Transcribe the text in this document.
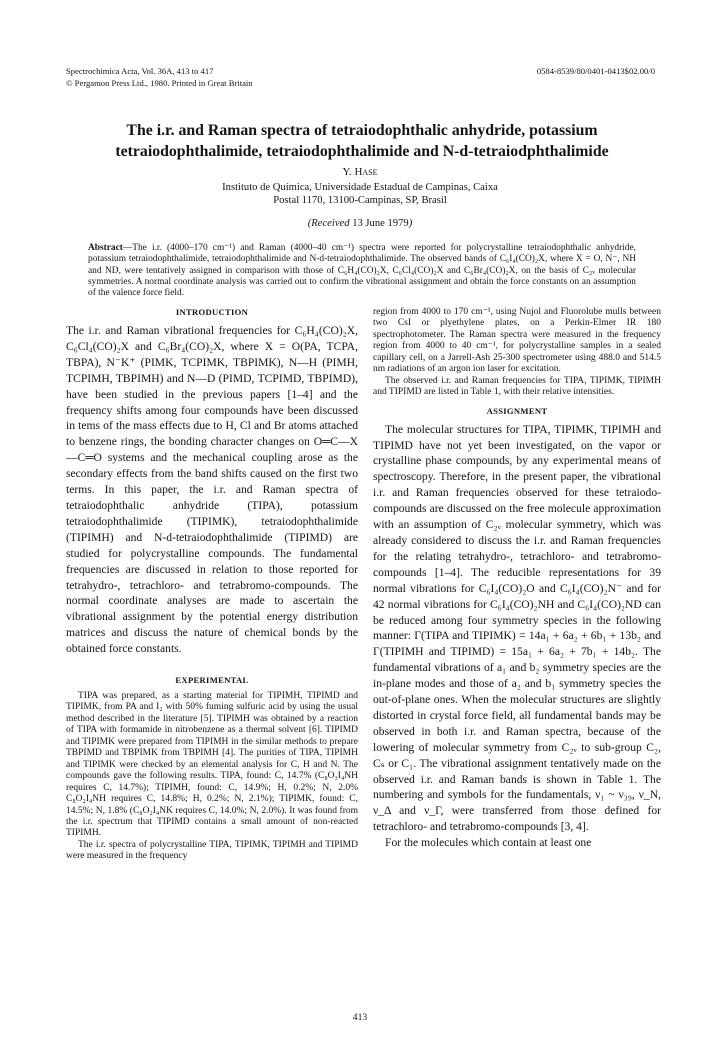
Spectrochimica Acta, Vol. 36A, 413 to 417
© Pergamon Press Ltd., 1980. Printed in Great Britain
0584-8539/80/0401-0413$02.00/0
The i.r. and Raman spectra of tetraiodophthalic anhydride, potassium tetraiodophthalimide, tetraiodophthalimide and N-d-tetraiodphthalimide
Y. Hase
Instituto de Química, Universidade Estadual de Campinas, Caixa
Postal 1170, 13100-Campinas, SP, Brasil
(Received 13 June 1979)
Abstract—The i.r. (4000–170 cm⁻¹) and Raman (4000–40 cm⁻¹) spectra were reported for polycrystalline tetraiodophthalic anhydride, potassium tetraiodophthalimide, tetraiodophthalimide and N-d-tetraiodophthalimide. The observed bands of C₆I₄(CO)₂X, where X = O, N⁻, NH and ND, were tentatively assigned in comparison with those of C₆H₄(CO)₂X, C₆Cl₄(CO)₂X and C₆Br₄(CO)₂X, on the basis of C₂ᵥ molecular symmetries. A normal coordinate analysis was carried out to confirm the vibrational assignment and obtain the force constants on an assumption of the valence force field.
INTRODUCTION

The i.r. and Raman vibrational frequencies for C₆H₄(CO)₂X, C₆Cl₄(CO)₂X and C₆Br₄(CO)₂X, where X = O(PA, TCPA, TBPA), N⁻K⁺ (PIMK, TCPIMK, TBPIMK), N—H (PIMH, TCPIMH, TBPIMH) and N—D (PIMD, TCPIMD, TBPIMD), have been studied in the previous papers [1–4] and the frequency shifts among four compounds have been discussed in tems of the mass effects due to H, Cl and Br atoms attached to benzene rings, the bonding character changes on O═C—X—C═O systems and the mechanical coupling arose as the secondary effects from the band shifts caused on the first two terms. In this paper, the i.r. and Raman spectra of tetraiodophthalic anhydride (TIPA), potassium tetraiodophthalimide (TIPIMK), tetraiodophthalimide (TIPIMH) and N-d-tetraiodophthalimide (TIPIMD) are studied for polycrystalline compounds. The fundamental frequencies are discussed in relation to those reported for tetrahydro-, tetrachloro- and tetrabromo-compounds. The normal coordinate analyses are made to ascertain the vibrational assignment by the potential energy distribution matrices and discuss the nature of chemical bonds by the obtained force constants.

EXPERIMENTAL

TIPA was prepared, as a starting material for TIPIMH, TIPIMD and TIPIMK, from PA and I₂ with 50% fuming sulfuric acid by using the usual method described in the literature [5]. TIPIMH was obtained by a reaction of TIPA with formamide in nitrobenzene as a thermal solvent [6]. TIPIMD and TIPIMK were prepared from TIPIMH in the similar methods to prepare TBPIMD and TBPIMK from TBPIMH [4]. The purities of TIPA, TIPIMH and TIPIMK were checked by an elemental analysis for C, H and N. The compounds gave the following results. TIPA, found: C, 14.7% (C₈O₃I₄NH requires C, 14.7%); TIPIMH, found: C, 14.9%; H, 0.2%; N, 2.0% C₈O₂I₄NH requires C, 14.8%; H, 0.2%; N, 2.1%); TIPIMK, found: C, 14.5%; N, 1.8% (C₈O₂I₄NK requires C, 14.0%; N, 2.0%). It was found from the i.r. spectrum that TIPIMD contains a small amount of non-reacted TIPIMH.

The i.r. spectra of polycrystalline TIPA, TIPIMK, TIPIMH and TIPIMD were measured in the frequency

region from 4000 to 170 cm⁻¹, using Nujol and Fluorolube mulls between two CsI or plyethylene plates, on a Perkin-Elmer IR 180 spectrophotometer. The Raman spectra were measured in the frequency region from 4000 to 40 cm⁻¹, for polycrystalline samples in a sealed capillary cell, on a Jarrell-Ash 25-300 spectrometer using 488.0 and 514.5 nm radiations of an argon ion laser for excitation.

The observed i.r. and Raman frequencies for TIPA, TIPIMK, TIPIMH and TIPIMD are listed in Table 1, with their relative intensities.

ASSIGNMENT

The molecular structures for TIPA, TIPIMK, TIPIMH and TIPIMD have not yet been investigated, on the vapor or crystalline phase compounds, by any experimental means of spectroscopy. Therefore, in the present paper, the vibrational i.r. and Raman frequencies observed for these tetraiodo-compounds are discussed on the free molecule approximation with an assumption of C₂ᵥ molecular symmetry, which was already considered to discuss the i.r. and Raman frequencies for the relating tetrahydro-, tetrachloro- and tetrabromo-compounds [1–4]. The reducible representations for 39 normal vibrations for C₆I₄(CO)₂O and C₆I₄(CO)₂N⁻ and for 42 normal vibrations for C₆I₄(CO)₂NH and C₆I₄(CO)₂ND can be reduced among four symmetry species in the following manner: Γ(TIPA and TIPIMK) = 14a₁ + 6a₂ + 6b₁ + 13b₂ and Γ(TIPIMH and TIPIMD) = 15a₁ + 6a₂ + 7b₁ + 14b₂. The fundamental vibrations of a₁ and b₂ symmetry species are the in-plane modes and those of a₂ and b₁ symmetry species the out-of-plane ones. When the molecular structures are slightly distorted in crystal force field, all fundamental bands may be observed in both i.r. and Raman spectra, because of the lowering of molecular symmetry from C₂ᵥ to sub-group C₂, Cₛ or C₁. The vibrational assignment tentatively made on the observed i.r. and Raman bands is shown in Table 1. The numbering and symbols for the fundamentals, ν₁ ~ ν₃₉, ν_N, ν_Δ and ν_Γ, were transferred from those defined for tetrachloro- and tetrabromo-compounds [3, 4].

For the molecules which contain at least one

413
